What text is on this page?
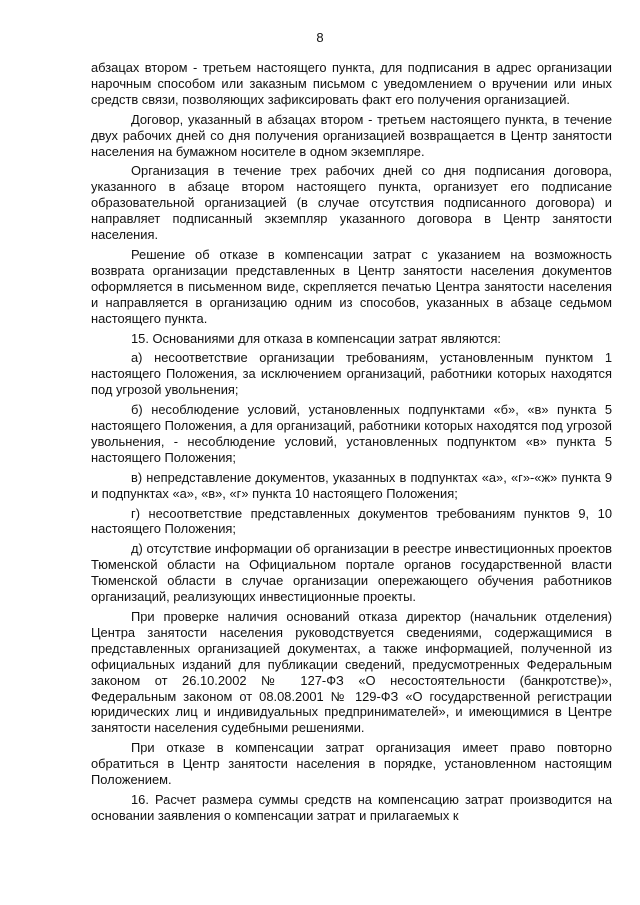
8

абзацах втором - третьем настоящего пункта, для подписания в адрес организации нарочным способом или заказным письмом с уведомлением о вручении или иных средств связи, позволяющих зафиксировать факт его получения организацией.

Договор, указанный в абзацах втором - третьем настоящего пункта, в течение двух рабочих дней со дня получения организацией возвращается в Центр занятости населения на бумажном носителе в одном экземпляре.

Организация в течение трех рабочих дней со дня подписания договора, указанного в абзаце втором настоящего пункта, организует его подписание образовательной организацией (в случае отсутствия подписанного договора) и направляет подписанный экземпляр указанного договора в Центр занятости населения.

Решение об отказе в компенсации затрат с указанием на возможность возврата организации представленных в Центр занятости населения документов оформляется в письменном виде, скрепляется печатью Центра занятости населения и направляется в организацию одним из способов, указанных в абзаце седьмом настоящего пункта.

15. Основаниями для отказа в компенсации затрат являются:

а) несоответствие организации требованиям, установленным пунктом 1 настоящего Положения, за исключением организаций, работники которых находятся под угрозой увольнения;

б) несоблюдение условий, установленных подпунктами «б», «в» пункта 5 настоящего Положения, а для организаций, работники которых находятся под угрозой увольнения, - несоблюдение условий, установленных подпунктом «в» пункта 5 настоящего Положения;

в) непредставление документов, указанных в подпунктах «а», «г»-«ж» пункта 9 и подпунктах «а», «в», «г» пункта 10 настоящего Положения;

г) несоответствие представленных документов требованиям пунктов 9, 10 настоящего Положения;

д) отсутствие информации об организации в реестре инвестиционных проектов Тюменской области на Официальном портале органов государственной власти Тюменской области в случае организации опережающего обучения работников организаций, реализующих инвестиционные проекты.

При проверке наличия оснований отказа директор (начальник отделения) Центра занятости населения руководствуется сведениями, содержащимися в представленных организацией документах, а также информацией, полученной из официальных изданий для публикации сведений, предусмотренных Федеральным законом от 26.10.2002 № 127-ФЗ «О несостоятельности (банкротстве)», Федеральным законом от 08.08.2001 № 129-ФЗ «О государственной регистрации юридических лиц и индивидуальных предпринимателей», и имеющимися в Центре занятости населения судебными решениями.

При отказе в компенсации затрат организация имеет право повторно обратиться в Центр занятости населения в порядке, установленном настоящим Положением.

16. Расчет размера суммы средств на компенсацию затрат производится на основании заявления о компенсации затрат и прилагаемых к
